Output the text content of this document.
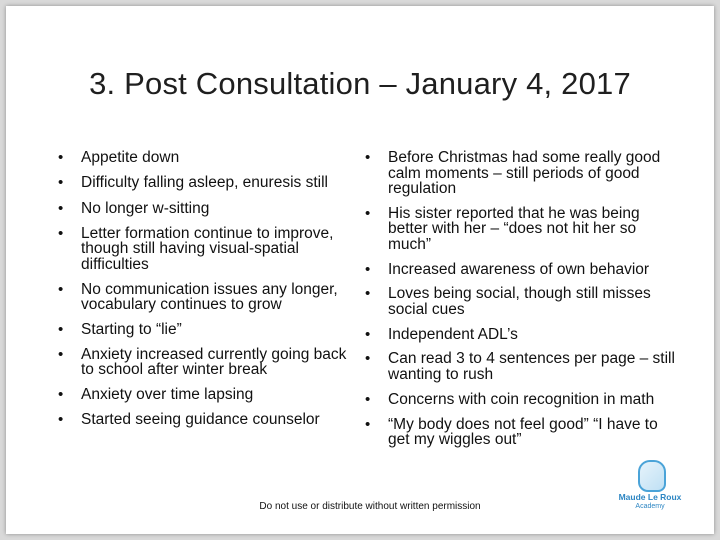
3. Post Consultation – January 4, 2017
• Appetite down
• Difficulty falling asleep, enuresis still
• No longer w-sitting
• Letter formation continue to improve, though still having visual-spatial difficulties
• No communication issues any longer, vocabulary continues to grow
• Starting to “lie”
• Anxiety increased currently going back to school after winter break
• Anxiety over time lapsing
• Started seeing guidance counselor
• Before Christmas had some really good calm moments – still periods of good regulation
• His sister reported that he was being better with her – “does not hit her so much”
• Increased awareness of own behavior
• Loves being social, though still misses social cues
• Independent ADL’s
• Can read 3 to 4 sentences per page – still wanting to rush
• Concerns with coin recognition in math
• “My body does not feel good” “I have to get my wiggles out”
Maude Le Roux
Academy
Do not use or distribute without written permission
